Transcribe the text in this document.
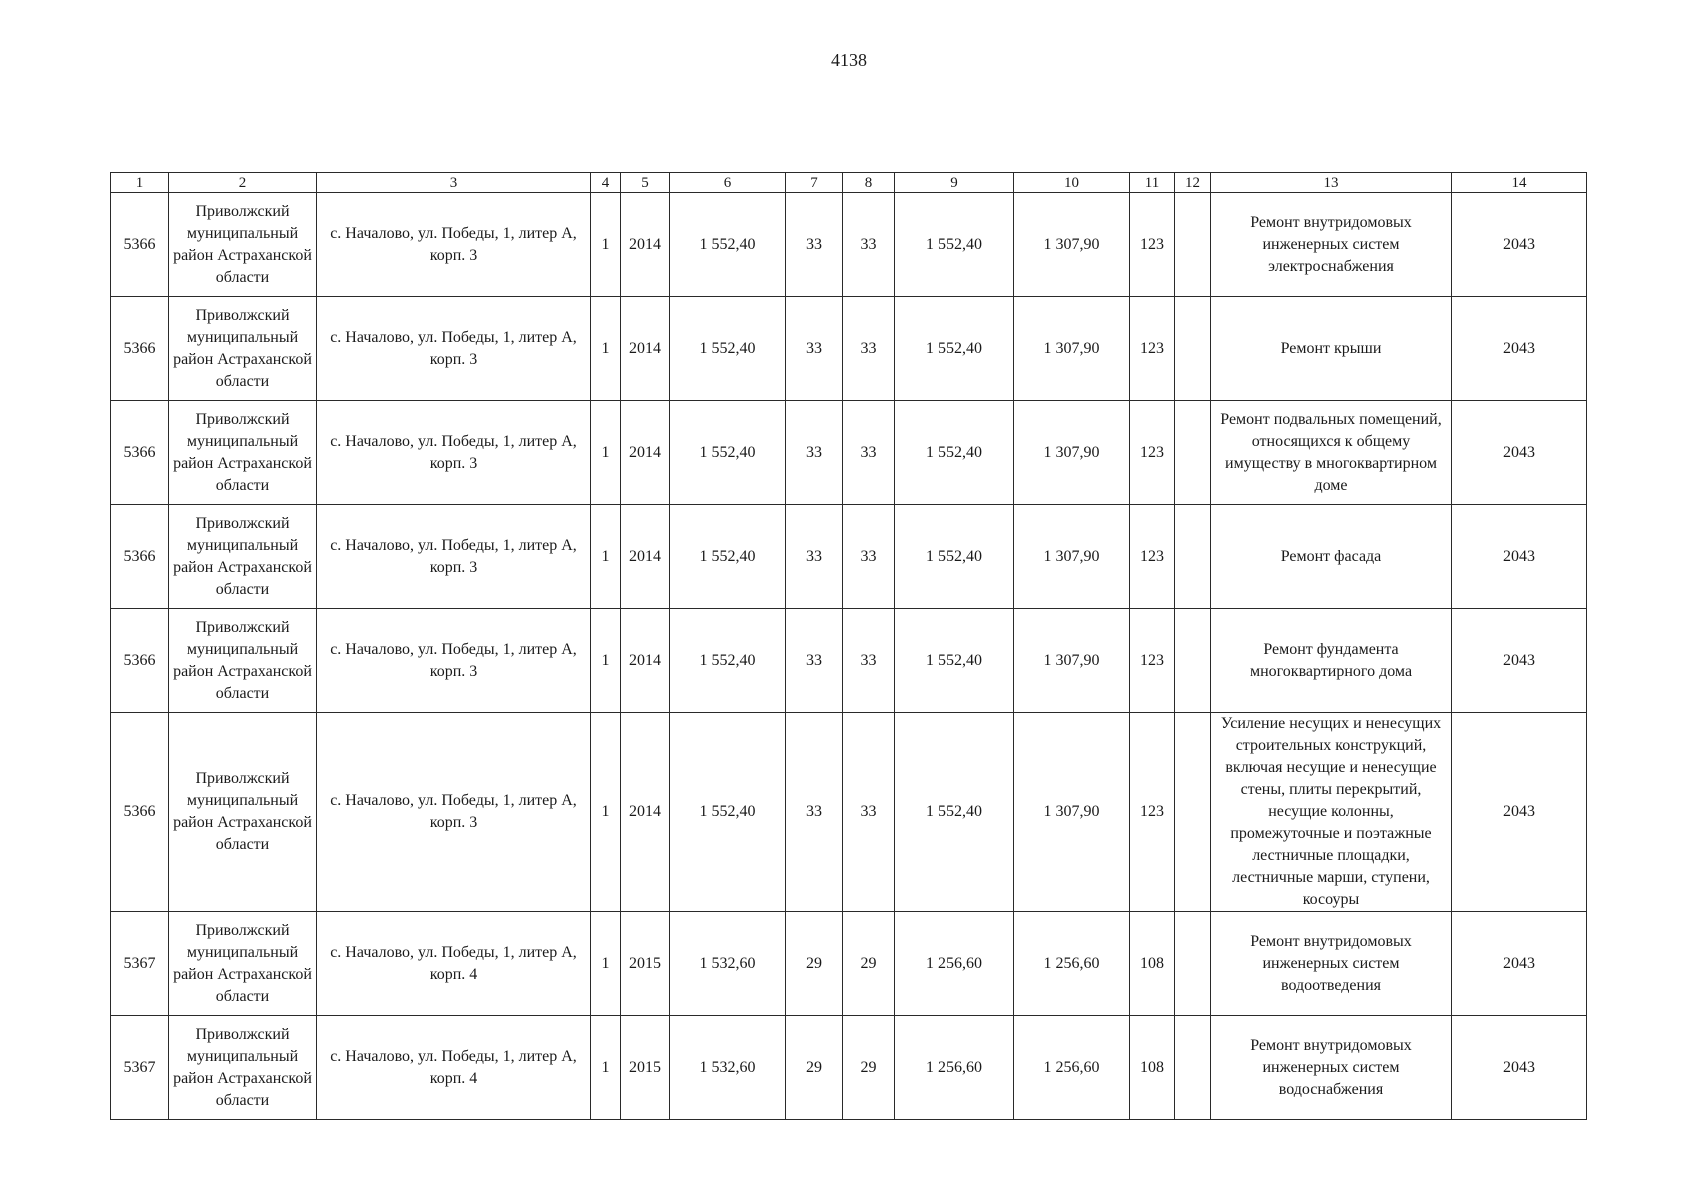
4138
1	2	3	4	5	6	7	8	9	10	11	12	13	14
5366	Приволжский муниципальный район Астраханской области	с. Началово, ул. Победы, 1, литер А, корп. 3	1	2014	1 552,40	33	33	1 552,40	1 307,90	123		Ремонт внутридомовых инженерных систем электроснабжения	2043
5366	Приволжский муниципальный район Астраханской области	с. Началово, ул. Победы, 1, литер А, корп. 3	1	2014	1 552,40	33	33	1 552,40	1 307,90	123		Ремонт крыши	2043
5366	Приволжский муниципальный район Астраханской области	с. Началово, ул. Победы, 1, литер А, корп. 3	1	2014	1 552,40	33	33	1 552,40	1 307,90	123		Ремонт подвальных помещений, относящихся к общему имуществу в многоквартирном доме	2043
5366	Приволжский муниципальный район Астраханской области	с. Началово, ул. Победы, 1, литер А, корп. 3	1	2014	1 552,40	33	33	1 552,40	1 307,90	123		Ремонт фасада	2043
5366	Приволжский муниципальный район Астраханской области	с. Началово, ул. Победы, 1, литер А, корп. 3	1	2014	1 552,40	33	33	1 552,40	1 307,90	123		Ремонт фундамента многоквартирного дома	2043
5366	Приволжский муниципальный район Астраханской области	с. Началово, ул. Победы, 1, литер А, корп. 3	1	2014	1 552,40	33	33	1 552,40	1 307,90	123		Усиление несущих и ненесущих строительных конструкций, включая несущие и ненесущие стены, плиты перекрытий, несущие колонны, промежуточные и поэтажные лестничные площадки, лестничные марши, ступени, косоуры	2043
5367	Приволжский муниципальный район Астраханской области	с. Началово, ул. Победы, 1, литер А, корп. 4	1	2015	1 532,60	29	29	1 256,60	1 256,60	108		Ремонт внутридомовых инженерных систем водоотведения	2043
5367	Приволжский муниципальный район Астраханской области	с. Началово, ул. Победы, 1, литер А, корп. 4	1	2015	1 532,60	29	29	1 256,60	1 256,60	108		Ремонт внутридомовых инженерных систем водоснабжения	2043
